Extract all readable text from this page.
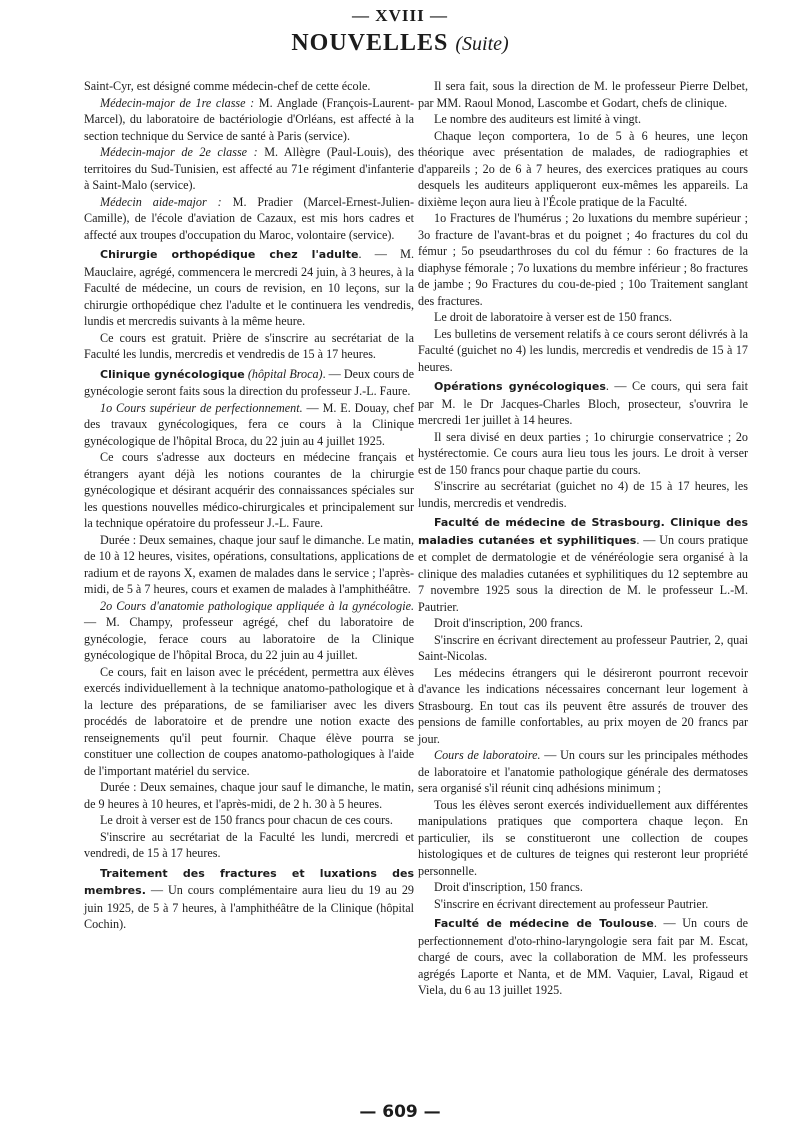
— XVIII —
NOUVELLES (Suite)

Saint-Cyr, est désigné comme médecin-chef de cette école.

Médecin-major de 1re classe : M. Anglade (François-Laurent-Marcel), du laboratoire de bactériologie d'Orléans, est affecté à la section technique du Service de santé à Paris (service).

Médecin-major de 2e classe : M. Allègre (Paul-Louis), des territoires du Sud-Tunisien, est affecté au 71e régiment d'infanterie à Saint-Malo (service).

Médecin aide-major : M. Pradier (Marcel-Ernest-Julien-Camille), de l'école d'aviation de Cazaux, est mis hors cadres et affecté aux troupes d'occupation du Maroc, volontaire (service).

Chirurgie orthopédique chez l'adulte. — M. Mauclaire, agrégé, commencera le mercredi 24 juin, à 3 heures, à la Faculté de médecine, un cours de revision, en 10 leçons, sur la chirurgie orthopédique chez l'adulte et le continuera les vendredis, lundis et mercredis suivants à la même heure.

Ce cours est gratuit. Prière de s'inscrire au secrétariat de la Faculté les lundis, mercredis et vendredis de 15 à 17 heures.

Clinique gynécologique (hôpital Broca). — Deux cours de gynécologie seront faits sous la direction du professeur J.-L. Faure.

1o Cours supérieur de perfectionnement. — M. E. Douay, chef des travaux gynécologiques, fera ce cours à la Clinique gynécologique de l'hôpital Broca, du 22 juin au 4 juillet 1925.

Ce cours s'adresse aux docteurs en médecine français et étrangers ayant déjà les notions courantes de la chirurgie gynécologique et désirant acquérir des connaissances spéciales sur les questions nouvelles médico-chirurgicales et principalement sur la technique opératoire du professeur J.-L. Faure.

Durée : Deux semaines, chaque jour sauf le dimanche. Le matin, de 10 à 12 heures, visites, opérations, consultations, applications de radium et de rayons X, examen de malades dans le service ; l'après-midi, de 5 à 7 heures, cours et examen de malades à l'amphithéâtre.

2o Cours d'anatomie pathologique appliquée à la gynécologie. — M. Champy, professeur agrégé, chef du laboratoire de gynécologie, ferace cours au laboratoire de la Clinique gynécologique de l'hôpital Broca, du 22 juin au 4 juillet.

Ce cours, fait en laison avec le précédent, permettra aux élèves exercés individuellement à la technique anatomo-pathologique et à la lecture des préparations, de se familiariser avec les divers procédés de laboratoire et de prendre une notion exacte des renseignements qu'il peut fournir. Chaque élève pourra se constituer une collection de coupes anatomo-pathologiques à l'aide de l'important matériel du service.

Durée : Deux semaines, chaque jour sauf le dimanche, le matin, de 9 heures à 10 heures, et l'après-midi, de 2 h. 30 à 5 heures.

Le droit à verser est de 150 francs pour chacun de ces cours.

S'inscrire au secrétariat de la Faculté les lundi, mercredi et vendredi, de 15 à 17 heures.

Traitement des fractures et luxations des membres. — Un cours complémentaire aura lieu du 19 au 29 juin 1925, de 5 à 7 heures, à l'amphithéâtre de la Clinique (hôpital Cochin).

Il sera fait, sous la direction de M. le professeur Pierre Delbet, par MM. Raoul Monod, Lascombe et Godart, chefs de clinique.

Le nombre des auditeurs est limité à vingt.

Chaque leçon comportera, 1o de 5 à 6 heures, une leçon théorique avec présentation de malades, de radiographies et d'appareils ; 2o de 6 à 7 heures, des exercices pratiques au cours desquels les auditeurs appliqueront eux-mêmes les appareils. La dixième leçon aura lieu à l'École pratique de la Faculté.

1o Fractures de l'humérus ; 2o luxations du membre supérieur ; 3o fracture de l'avant-bras et du poignet ; 4o fractures du col du fémur ; 5o pseudarthroses du col du fémur : 6o fractures de la diaphyse fémorale ; 7o luxations du membre inférieur ; 8o fractures de jambe ; 9o Fractures du cou-de-pied ; 10o Traitement sanglant des fractures.

Le droit de laboratoire à verser est de 150 francs.

Les bulletins de versement relatifs à ce cours seront délivrés à la Faculté (guichet no 4) les lundis, mercredis et vendredis de 15 à 17 heures.

Opérations gynécologiques. — Ce cours, qui sera fait par M. le Dr Jacques-Charles Bloch, prosecteur, s'ouvrira le mercredi 1er juillet à 14 heures.

Il sera divisé en deux parties ; 1o chirurgie conservatrice ; 2o hystérectomie. Ce cours aura lieu tous les jours. Le droit à verser est de 150 francs pour chaque partie du cours.

S'inscrire au secrétariat (guichet no 4) de 15 à 17 heures, les lundis, mercredis et vendredis.

Faculté de médecine de Strasbourg. Clinique des maladies cutanées et syphilitiques. — Un cours pratique et complet de dermatologie et de vénéréologie sera organisé à la clinique des maladies cutanées et syphilitiques du 12 septembre au 7 novembre 1925 sous la direction de M. le professeur L.-M. Pautrier.

Droit d'inscription, 200 francs.

S'inscrire en écrivant directement au professeur Pautrier, 2, quai Saint-Nicolas.

Les médecins étrangers qui le désireront pourront recevoir d'avance les indications nécessaires concernant leur logement à Strasbourg. En tout cas ils peuvent être assurés de trouver des pensions de famille confortables, au prix moyen de 20 francs par jour.

Cours de laboratoire. — Un cours sur les principales méthodes de laboratoire et l'anatomie pathologique générale des dermatoses sera organisé s'il réunit cinq adhésions minimum ;

Tous les élèves seront exercés individuellement aux différentes manipulations pratiques que comportera chaque leçon. En particulier, ils se constitueront une collection de coupes histologiques et de cultures de teignes qui resteront leur propriété personnelle.

Droit d'inscription, 150 francs.

S'inscrire en écrivant directement au professeur Pautrier.

Faculté de médecine de Toulouse. — Un cours de perfectionnement d'oto-rhino-laryngologie sera fait par M. Escat, chargé de cours, avec la collaboration de MM. les professeurs agrégés Laporte et Nanta, et de MM. Vaquier, Laval, Rigaud et Viela, du 6 au 13 juillet 1925.

— 609 —
